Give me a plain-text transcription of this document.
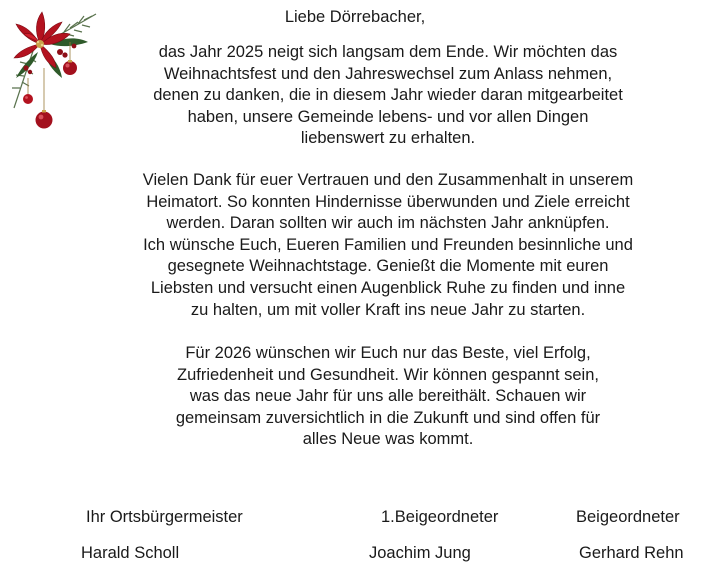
Liebe Dörrebacher,

das Jahr 2025 neigt sich langsam dem Ende. Wir möchten das
Weihnachtsfest und den Jahreswechsel zum Anlass nehmen,
denen zu danken, die in diesem Jahr wieder daran mitgearbeitet
haben, unsere Gemeinde lebens- und vor allen Dingen
liebenswert zu erhalten.

Vielen Dank für euer Vertrauen und den Zusammenhalt in unserem
Heimatort. So konnten Hindernisse überwunden und Ziele erreicht
werden. Daran sollten wir auch im nächsten Jahr anknüpfen.
Ich wünsche Euch, Eueren Familien und Freunden besinnliche und
gesegnete Weihnachtstage. Genießt die Momente mit euren
Liebsten und versucht einen Augenblick Ruhe zu finden und inne
zu halten, um mit voller Kraft ins neue Jahr zu starten.

Für 2026 wünschen wir Euch nur das Beste, viel Erfolg,
Zufriedenheit und Gesundheit. Wir können gespannt sein,
was das neue Jahr für uns alle bereithält. Schauen wir
gemeinsam zuversichtlich in die Zukunft und sind offen für
alles Neue was kommt.

Ihr Ortsbürgermeister	1.Beigeordneter	Beigeordneter

Harald Scholl	Joachim Jung	Gerhard Rehn
